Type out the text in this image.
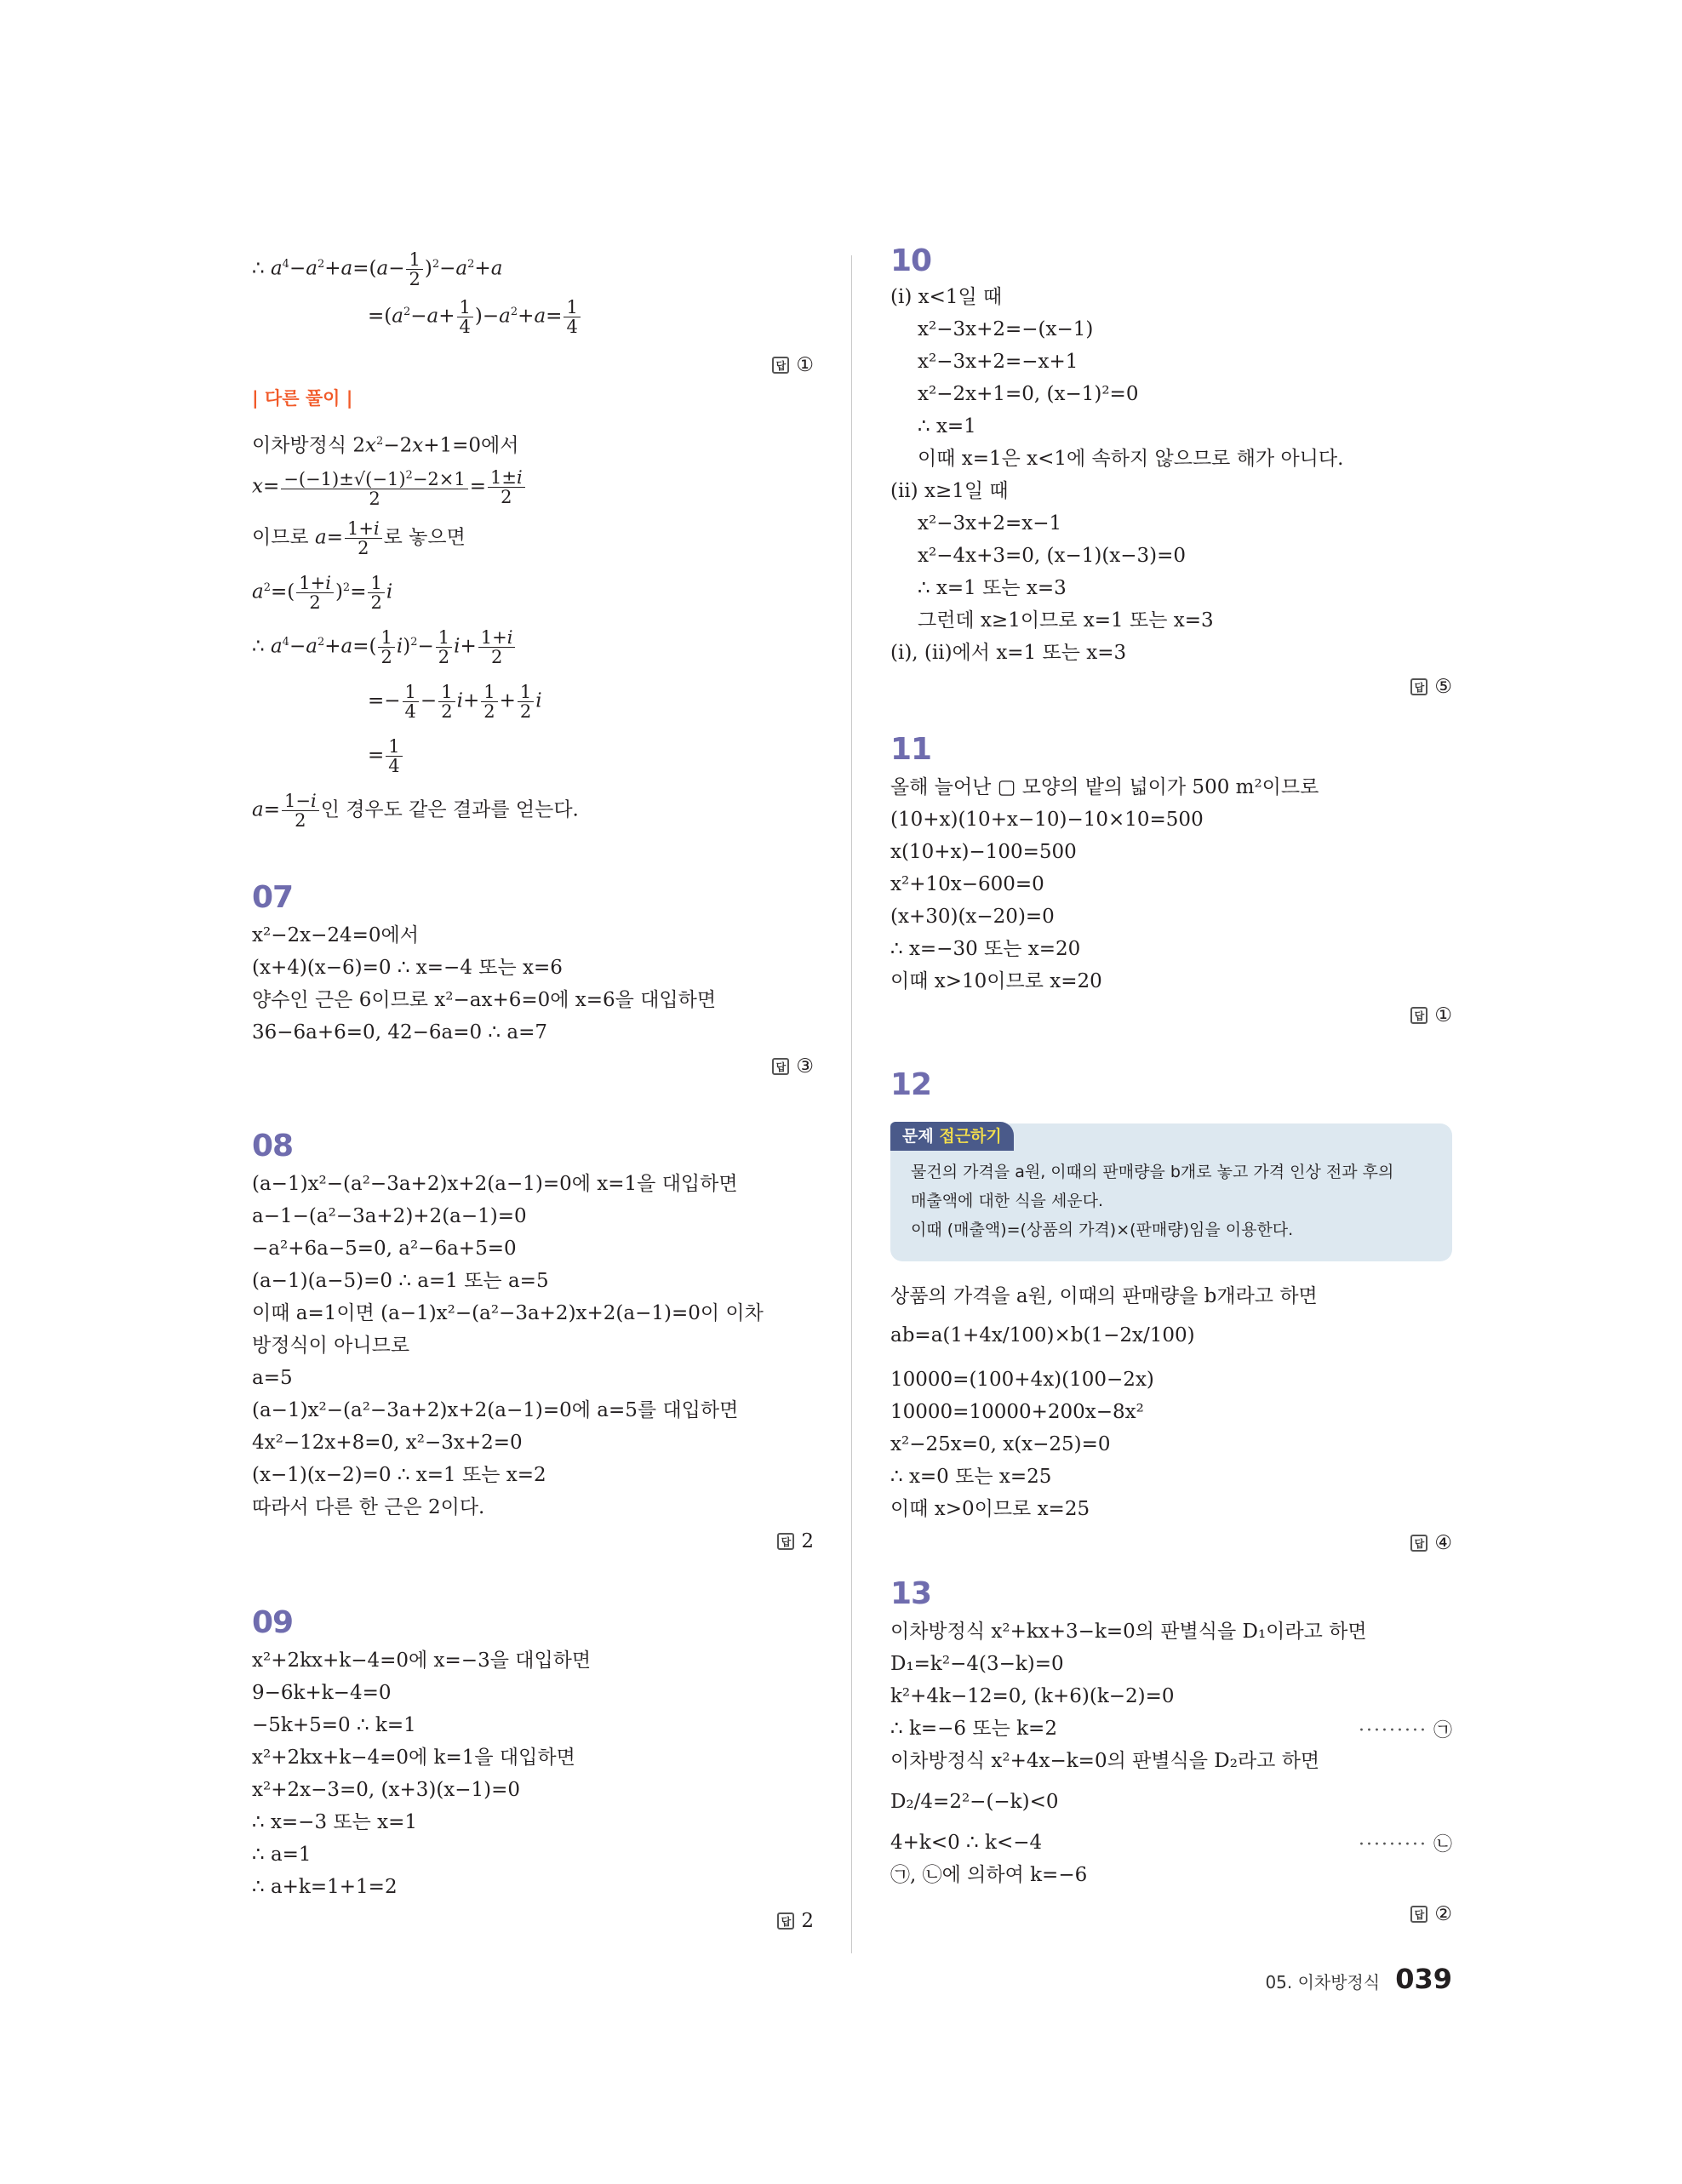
∴ $a^4-a^2+a=(a- \frac{1}{2} )^2-a^2+a$
$=(a^2-a+ \frac{1}{4} )-a^2+a= \frac{1}{4}$
답 ①
| 다른 풀이 |
이차방정식 $2x^2-2x+1=0$에서
$x= \frac{-(-1)\pm√(-1)^2-2\times 1}{2} = \frac{1\pm i}{2}$
이므로 $a= \frac{1+i}{2}$ 로 놓으면
$a^2=( \frac{1+i}{2} )^2= \frac{1}{2}$ i
∴ $a^4-a^2+a=( \frac{1}{2} i)^2- \frac{1}{2} i+ \frac{1+i}{2}$
=− $\frac{1}{4} - \frac{1}{2} i+ \frac{1}{2} + \frac{1}{2}$ i
= $\frac{1}{4}$
$a= \frac{1-i}{2}$ 인 경우도 같은 결과를 얻는다.
07
x²−2x−24=0에서
(x+4)(x−6)=0 ∴ x=−4 또는 x=6
양수인 근은 6이므로 x²−ax+6=0에 x=6을 대입하면
36−6a+6=0, 42−6a=0 ∴ a=7
답 ③
08
(a−1)x²−(a²−3a+2)x+2(a−1)=0에 x=1을 대입하면
a−1−(a²−3a+2)+2(a−1)=0
−a²+6a−5=0, a²−6a+5=0
(a−1)(a−5)=0 ∴ a=1 또는 a=5
이때 a=1이면 (a−1)x²−(a²−3a+2)x+2(a−1)=0이 이차
방정식이 아니므로
a=5
(a−1)x²−(a²−3a+2)x+2(a−1)=0에 a=5를 대입하면
4x²−12x+8=0, x²−3x+2=0
(x−1)(x−2)=0 ∴ x=1 또는 x=2
따라서 다른 한 근은 2이다.
답 2
09
x²+2kx+k−4=0에 x=−3을 대입하면
9−6k+k−4=0
−5k+5=0 ∴ k=1
x²+2kx+k−4=0에 k=1을 대입하면
x²+2x−3=0, (x+3)(x−1)=0
∴ x=−3 또는 x=1
∴ a=1
∴ a+k=1+1=2
답 2
10
(i) x<1일 때
x²−3x+2=−(x−1)
x²−3x+2=−x+1
x²−2x+1=0, (x−1)²=0
∴ x=1
이때 x=1은 x<1에 속하지 않으므로 해가 아니다.
(ii) x≥1일 때
x²−3x+2=x−1
x²−4x+3=0, (x−1)(x−3)=0
∴ x=1 또는 x=3
그런데 x≥1이므로 x=1 또는 x=3
(i), (ii)에서 x=1 또는 x=3
답 ⑤
11
올해 늘어난 ▢ 모양의 밭의 넓이가 500 m²이므로
(10+x)(10+x−10)−10×10=500
x(10+x)−100=500
x²+10x−600=0
(x+30)(x−20)=0
∴ x=−30 또는 x=20
이때 x>10이므로 x=20
답 ①
12
문제 접근하기
물건의 가격을 a원, 이때의 판매량을 b개로 놓고 가격 인상 전과 후의
매출액에 대한 식을 세운다.
이때 (매출액)=(상품의 가격)×(판매량)임을 이용한다.
상품의 가격을 a원, 이때의 판매량을 b개라고 하면
ab=a(1+4x/100)×b(1−2x/100)
10000=(100+4x)(100−2x)
10000=10000+200x−8x²
x²−25x=0, x(x−25)=0
∴ x=0 또는 x=25
이때 x>0이므로 x=25
답 ④
13
이차방정식 x²+kx+3−k=0의 판별식을 D₁이라고 하면
D₁=k²−4(3−k)=0
k²+4k−12=0, (k+6)(k−2)=0
∴ k=−6 또는 k=2	········· ㉠
이차방정식 x²+4x−k=0의 판별식을 D₂라고 하면
D₂/4=2²−(−k)<0
4+k<0 ∴ k<−4	········· ㉡
㉠, ㉡에 의하여 k=−6
답 ②
05. 이차방정식 039
